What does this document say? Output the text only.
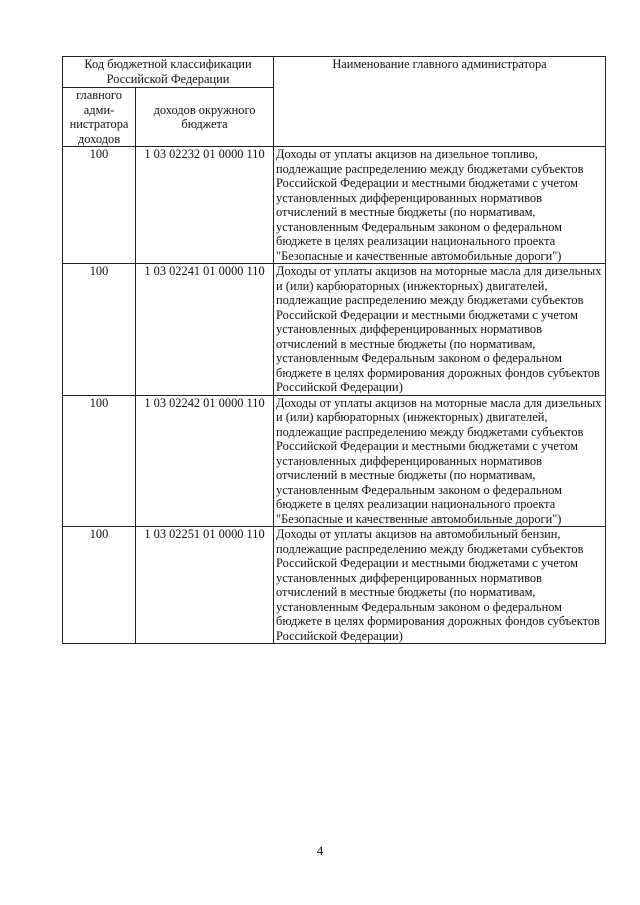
Код бюджетной классификации Российской Федерации		Наименование главного администратора
главного адми-нистратора доходов	доходов окружного бюджета	
100	1 03 02232 01 0000 110	Доходы от уплаты акцизов на дизельное топливо, подлежащие распределению между бюджетами субъектов Российской Федерации и местными бюджетами с учетом установленных дифференцированных нормативов отчислений в местные бюджеты (по нормативам, установленным Федеральным законом о федеральном бюджете в целях реализации национального проекта "Безопасные и качественные автомобильные дороги")
100	1 03 02241 01 0000 110	Доходы от уплаты акцизов на моторные масла для дизельных и (или) карбюраторных (инжекторных) двигателей, подлежащие распределению между бюджетами субъектов Российской Федерации и местными бюджетами с учетом установленных дифференцированных нормативов отчислений в местные бюджеты (по нормативам, установленным Федеральным законом о федеральном бюджете в целях формирования дорожных фондов субъектов Российской Федерации)
100	1 03 02242 01 0000 110	Доходы от уплаты акцизов на моторные масла для дизельных и (или) карбюраторных (инжекторных) двигателей, подлежащие распределению между бюджетами субъектов Российской Федерации и местными бюджетами с учетом установленных дифференцированных нормативов отчислений в местные бюджеты (по нормативам, установленным Федеральным законом о федеральном бюджете в целях реализации национального проекта "Безопасные и качественные автомобильные дороги")
100	1 03 02251 01 0000 110	Доходы от уплаты акцизов на автомобильный бензин, подлежащие распределению между бюджетами субъектов Российской Федерации и местными бюджетами с учетом установленных дифференцированных нормативов отчислений в местные бюджеты (по нормативам, установленным Федеральным законом о федеральном бюджете в целях формирования дорожных фондов субъектов Российской Федерации)
4
